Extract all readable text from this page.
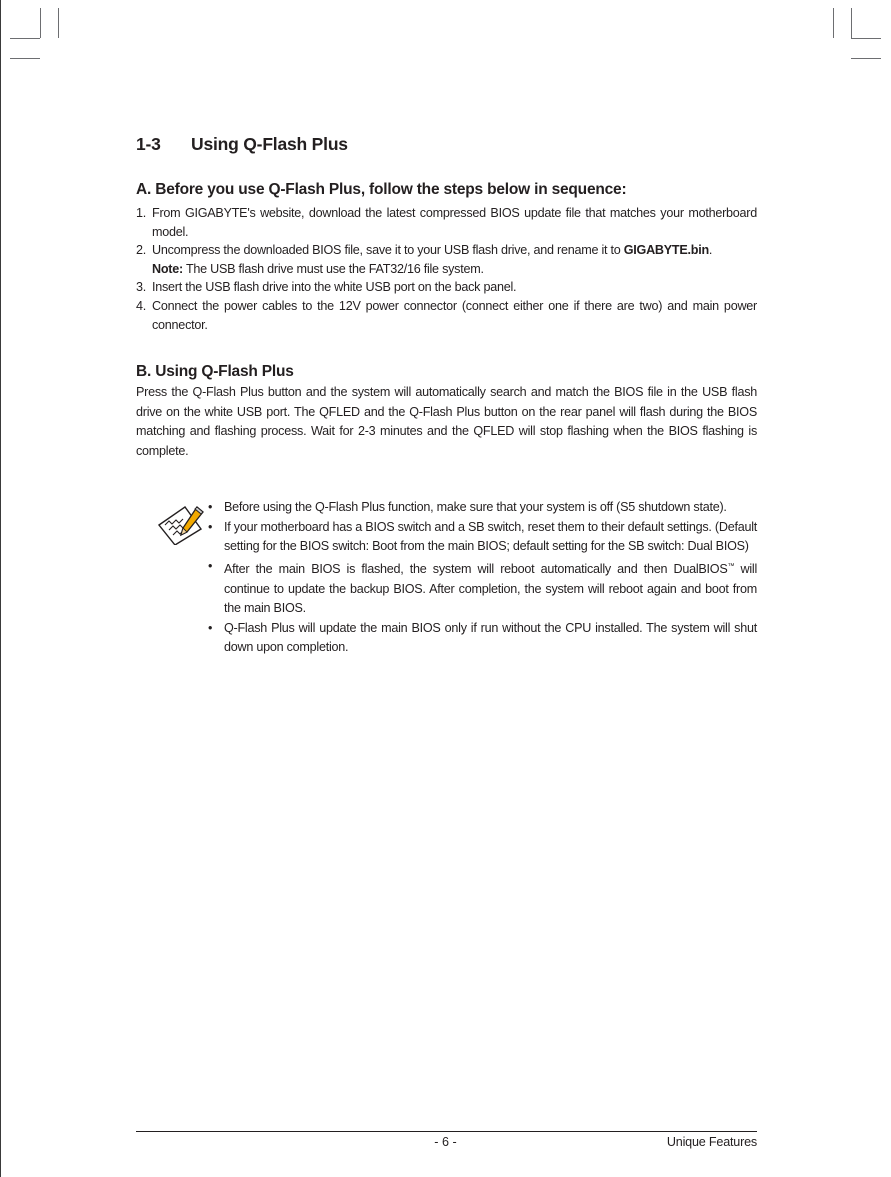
1-3 Using Q-Flash Plus
A. Before you use Q-Flash Plus, follow the steps below in sequence:
1. From GIGABYTE's website, download the latest compressed BIOS update file that matches your motherboard model.
2. Uncompress the downloaded BIOS file, save it to your USB flash drive, and rename it to GIGABYTE.bin.
Note: The USB flash drive must use the FAT32/16 file system.
3. Insert the USB flash drive into the white USB port on the back panel.
4. Connect the power cables to the 12V power connector (connect either one if there are two) and main power connector.
B. Using Q-Flash Plus

Press the Q-Flash Plus button and the system will automatically search and match the BIOS file in the USB flash drive on the white USB port. The QFLED and the Q-Flash Plus button on the rear panel will flash during the BIOS matching and flashing process. Wait for 2-3 minutes and the QFLED will stop flashing when the BIOS flashing is complete.

• Before using the Q-Flash Plus function, make sure that your system is off (S5 shutdown state).
• If your motherboard has a BIOS switch and a SB switch, reset them to their default settings. (Default setting for the BIOS switch: Boot from the main BIOS; default setting for the SB switch: Dual BIOS)
• After the main BIOS is flashed, the system will reboot automatically and then DualBIOS™ will continue to update the backup BIOS. After completion, the system will reboot again and boot from the main BIOS.
• Q-Flash Plus will update the main BIOS only if run without the CPU installed. The system will shut down upon completion.
- 6 -	Unique Features
